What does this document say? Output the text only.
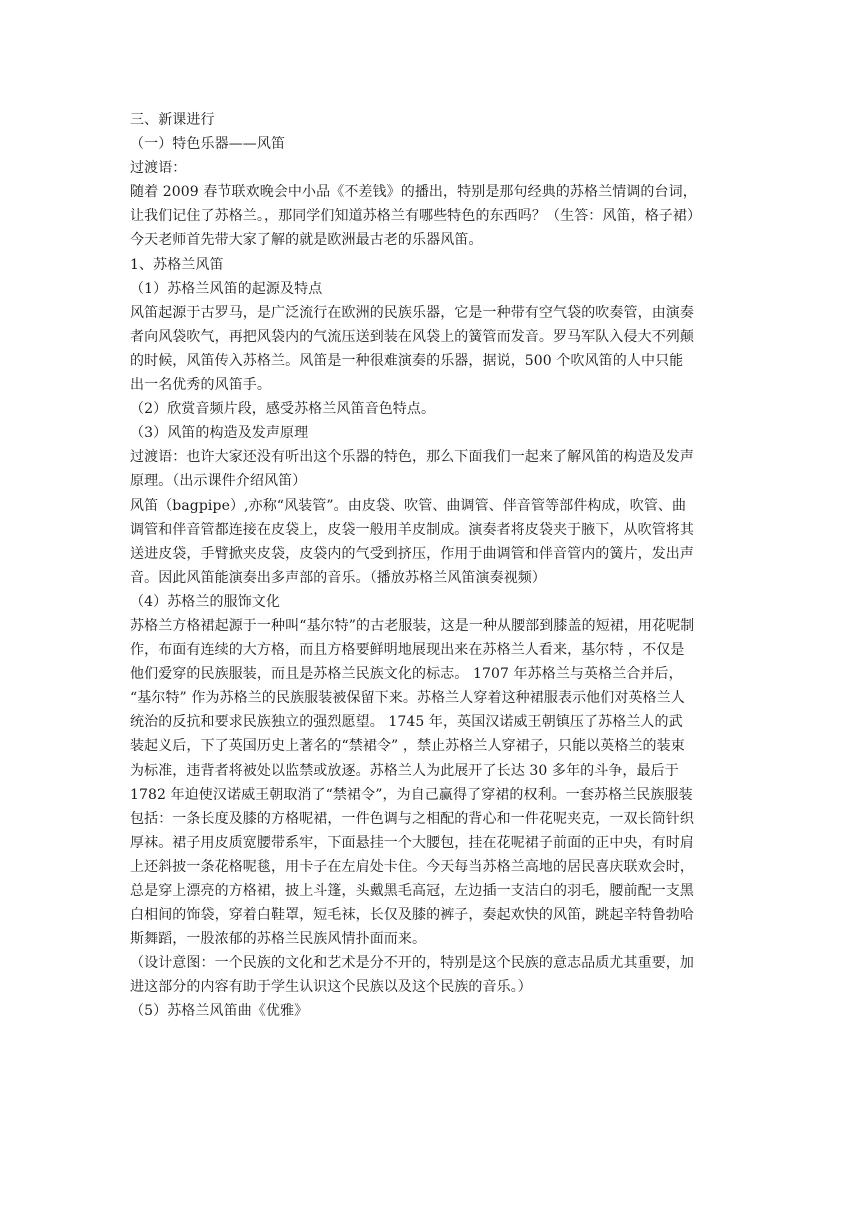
三、新课进行
（一）特色乐器——风笛
过渡语：
随着 2009 春节联欢晚会中小品《不差钱》的播出，特别是那句经典的苏格兰情调的台词，
让我们记住了苏格兰。，那同学们知道苏格兰有哪些特色的东西吗？（生答：风笛，格子裙）
今天老师首先带大家了解的就是欧洲最古老的乐器风笛。
1、苏格兰风笛
（1）苏格兰风笛的起源及特点
风笛起源于古罗马，是广泛流行在欧洲的民族乐器，它是一种带有空气袋的吹奏管，由演奏
者向风袋吹气，再把风袋内的气流压送到装在风袋上的簧管而发音。罗马军队入侵大不列颠
的时候，风笛传入苏格兰。风笛是一种很难演奏的乐器，据说，500 个吹风笛的人中只能
出一名优秀的风笛手。
（2）欣赏音频片段，感受苏格兰风笛音色特点。
（3）风笛的构造及发声原理
过渡语：也许大家还没有听出这个乐器的特色，那么下面我们一起来了解风笛的构造及发声
原理。（出示课件介绍风笛）
风笛（bagpipe）,亦称“风装管”。由皮袋、吹管、曲调管、伴音管等部件构成，吹管、曲
调管和伴音管都连接在皮袋上，皮袋一般用羊皮制成。演奏者将皮袋夹于腋下，从吹管将其
送进皮袋，手臂掀夹皮袋，皮袋内的气受到挤压，作用于曲调管和伴音管内的簧片，发出声
音。因此风笛能演奏出多声部的音乐。（播放苏格兰风笛演奏视频）
（4）苏格兰的服饰文化
苏格兰方格裙起源于一种叫“基尔特”的古老服装，这是一种从腰部到膝盖的短裙，用花呢制
作，布面有连续的大方格，而且方格要鲜明地展现出来在苏格兰人看来，基尔特 ，不仅是
他们爱穿的民族服装，而且是苏格兰民族文化的标志。 1707 年苏格兰与英格兰合并后，
“基尔特” 作为苏格兰的民族服装被保留下来。苏格兰人穿着这种裙服表示他们对英格兰人
统治的反抗和要求民族独立的强烈愿望。 1745 年，英国汉诺威王朝镇压了苏格兰人的武
装起义后，下了英国历史上著名的“禁裙令” ，禁止苏格兰人穿裙子，只能以英格兰的装束
为标准，违背者将被处以监禁或放逐。苏格兰人为此展开了长达 30 多年的斗争，最后于
1782 年迫使汉诺威王朝取消了“禁裙令”，为自己赢得了穿裙的权利。一套苏格兰民族服装
包括：一条长度及膝的方格呢裙，一件色调与之相配的背心和一件花呢夹克，一双长筒针织
厚袜。裙子用皮质宽腰带系牢，下面悬挂一个大腰包，挂在花呢裙子前面的正中央，有时肩
上还斜披一条花格呢毯，用卡子在左肩处卡住。今天每当苏格兰高地的居民喜庆联欢会时，
总是穿上漂亮的方格裙，披上斗篷，头戴黑毛高冠，左边插一支洁白的羽毛，腰前配一支黑
白相间的饰袋，穿着白鞋罩，短毛袜，长仅及膝的裤子，奏起欢快的风笛，跳起辛特鲁勃哈
斯舞蹈，一股浓郁的苏格兰民族风情扑面而来。
（设计意图：一个民族的文化和艺术是分不开的，特别是这个民族的意志品质尤其重要，加
进这部分的内容有助于学生认识这个民族以及这个民族的音乐。）
（5）苏格兰风笛曲《优雅》
